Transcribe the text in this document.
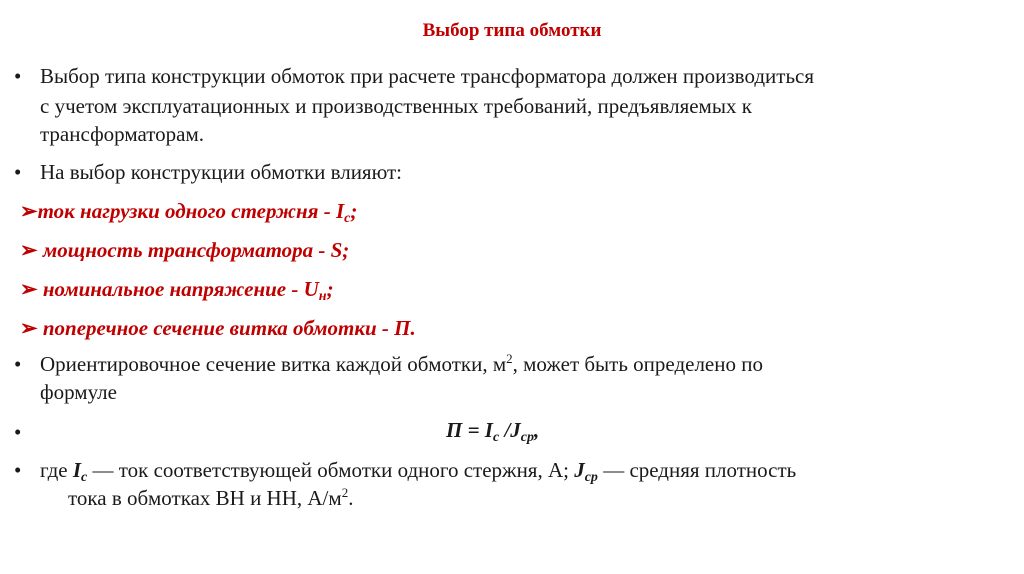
Выбор типа обмотки
• Выбор типа конструкции обмоток при расчете трансформатора должен производиться
с учетом эксплуатационных и производственных требований, предъявляемых к
трансформаторам.
• На выбор конструкции обмотки влияют:
➢ток нагрузки одного стержня - $I_c$;
➢ мощность трансформатора - S;
➢ номинальное напряжение - $U_н$;
➢ поперечное сечение витка обмотки - П.
• Ориентировочное сечение витка каждой обмотки, $м^2$, может быть определено по
формуле
•	$П = I_c$ $/J_{ср}$,
• где $I_c$ — ток соответствующей обмотки одного стержня, А; $J_{ср}$ — средняя плотность
тока в обмотках ВН и НН, $А/м^2$.
